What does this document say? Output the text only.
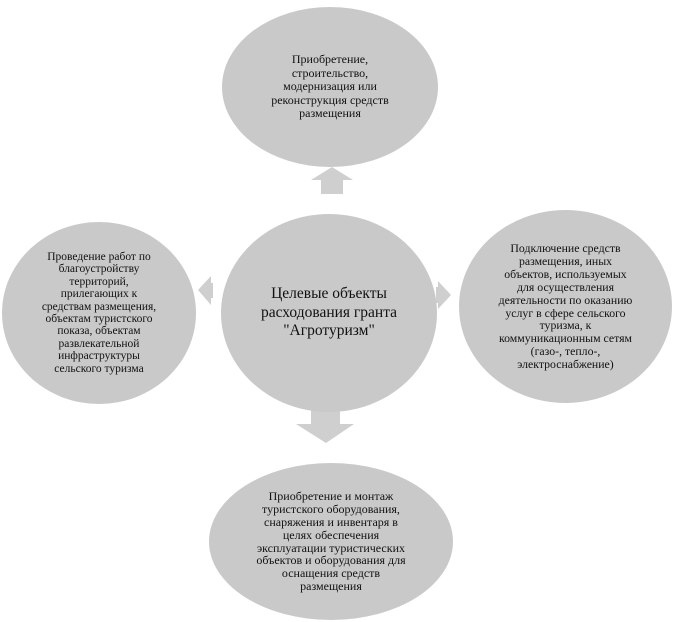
Приобретение,
строительство,
модернизация или
реконструкция средств
размещения
Проведение работ по
благоустройству
территорий,
прилегающих к
средствам размещения,
объектам туристского
показа, объектам
развлекательной
инфраструктуры
сельского туризма
Целевые объекты
расходования гранта
"Агротуризм"
Подключение средств
размещения, иных
объектов, используемых
для осуществления
деятельности по оказанию
услуг в сфере сельского
туризма, к
коммуникационным сетям
(газо-, тепло-,
электроснабжение)
Приобретение и монтаж
туристского оборудования,
снаряжения и инвентаря в
целях обеспечения
эксплуатации туристических
объектов и оборудования для
оснащения средств
размещения
